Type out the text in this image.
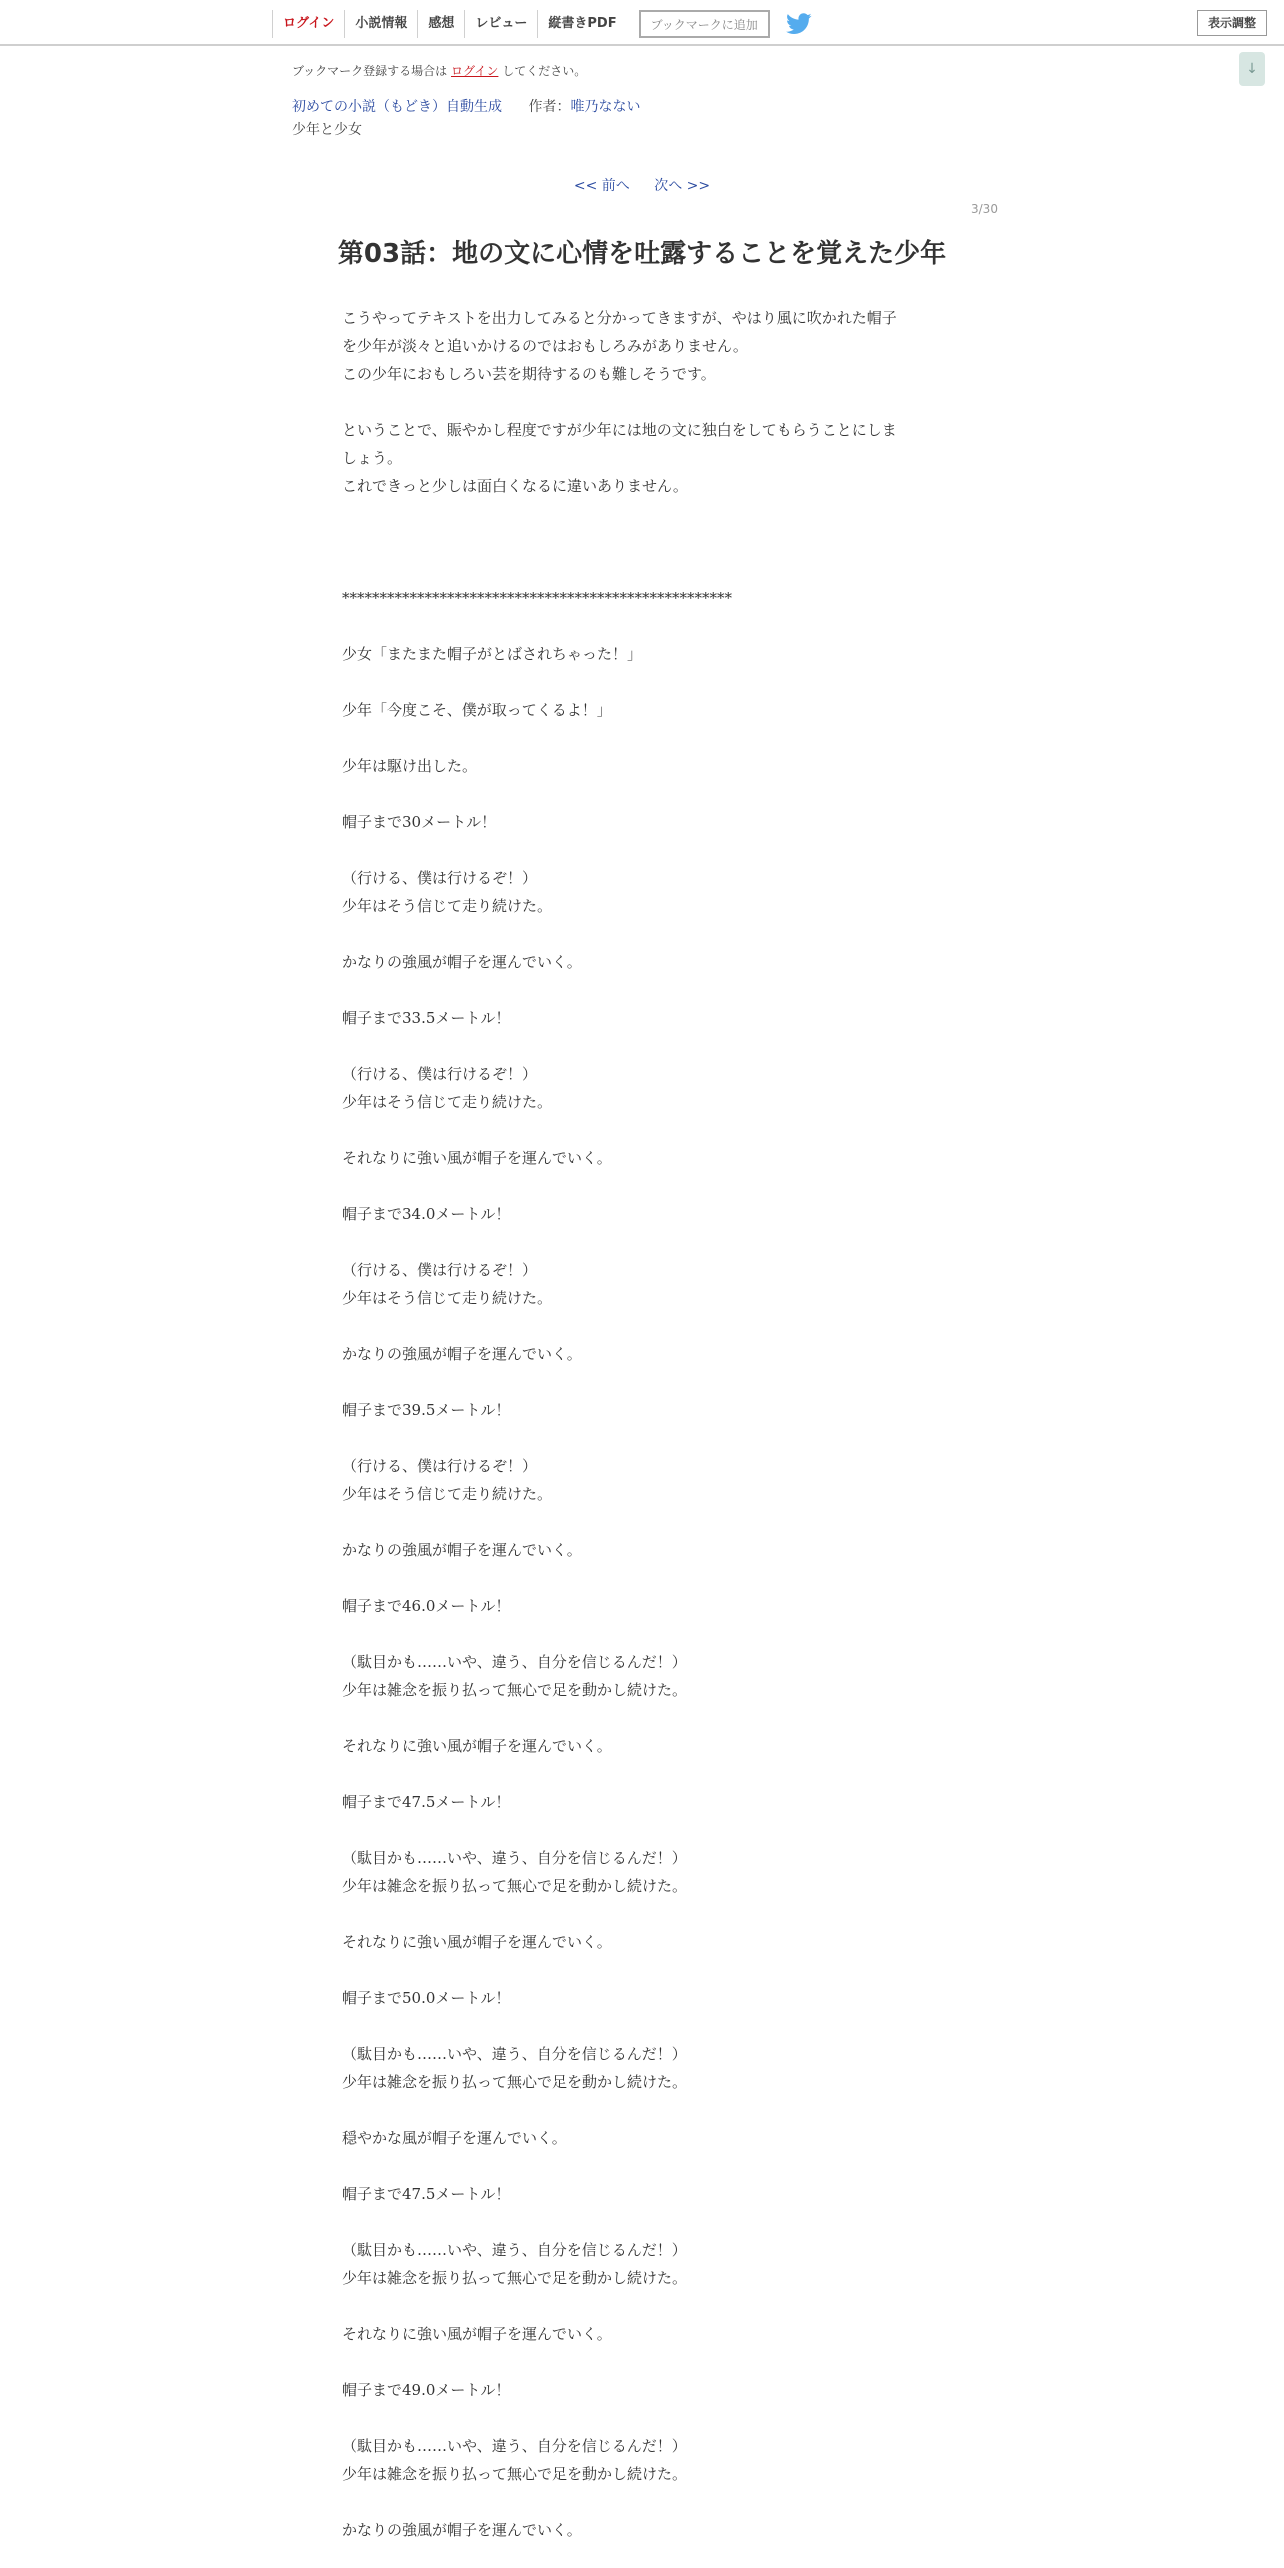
ログイン	小説情報	感想	レビュー	縦書きPDF	ブックマークに追加	表示調整
↓
ブックマーク登録する場合は ログイン してください。
初めての小説（もどき）自動生成 作者：唯乃なない
少年と少女
<< 前へ 次へ >>
3/30
第03話：地の文に心情を吐露することを覚えた少年
こうやってテキストを出力してみると分かってきますが、やはり風に吹かれた帽子
を少年が淡々と追いかけるのではおもしろみがありません。
この少年におもしろい芸を期待するのも難しそうです。
ということで、賑やかし程度ですが少年には地の文に独白をしてもらうことにしま
しょう。
これできっと少しは面白くなるに違いありません。
****************************************************
少女「またまた帽子がとばされちゃった！」
少年「今度こそ、僕が取ってくるよ！」
少年は駆け出した。
帽子まで30メートル！
（行ける、僕は行けるぞ！）
少年はそう信じて走り続けた。
かなりの強風が帽子を運んでいく。
帽子まで33.5メートル！
（行ける、僕は行けるぞ！）
少年はそう信じて走り続けた。
それなりに強い風が帽子を運んでいく。
帽子まで34.0メートル！
（行ける、僕は行けるぞ！）
少年はそう信じて走り続けた。
かなりの強風が帽子を運んでいく。
帽子まで39.5メートル！
（行ける、僕は行けるぞ！）
少年はそう信じて走り続けた。
かなりの強風が帽子を運んでいく。
帽子まで46.0メートル！
（駄目かも……いや、違う、自分を信じるんだ！）
少年は雑念を振り払って無心で足を動かし続けた。
それなりに強い風が帽子を運んでいく。
帽子まで47.5メートル！
（駄目かも……いや、違う、自分を信じるんだ！）
少年は雑念を振り払って無心で足を動かし続けた。
それなりに強い風が帽子を運んでいく。
帽子まで50.0メートル！
（駄目かも……いや、違う、自分を信じるんだ！）
少年は雑念を振り払って無心で足を動かし続けた。
穏やかな風が帽子を運んでいく。
帽子まで47.5メートル！
（駄目かも……いや、違う、自分を信じるんだ！）
少年は雑念を振り払って無心で足を動かし続けた。
それなりに強い風が帽子を運んでいく。
帽子まで49.0メートル！
（駄目かも……いや、違う、自分を信じるんだ！）
少年は雑念を振り払って無心で足を動かし続けた。
かなりの強風が帽子を運んでいく。
